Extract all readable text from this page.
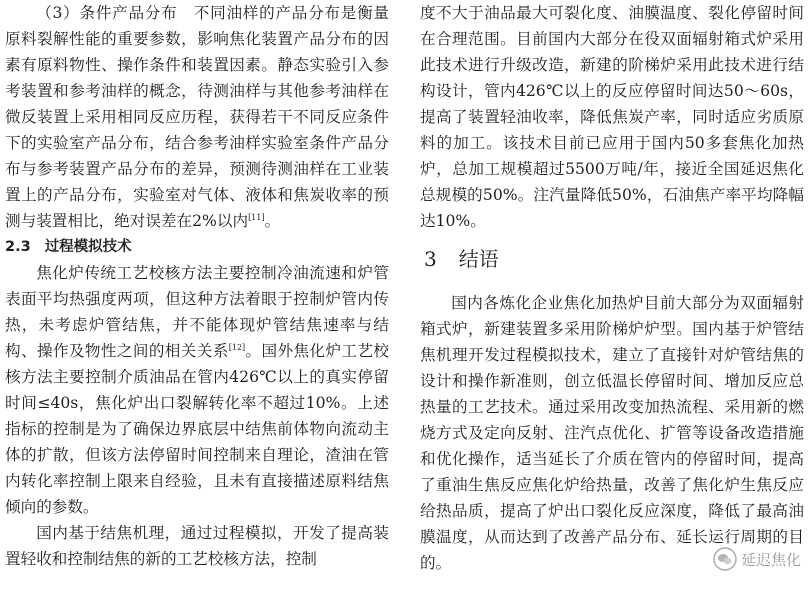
（3）条件产品分布　不同油样的产品分布是衡量原料裂解性能的重要参数，影响焦化装置产品分布的因素有原料物性、操作条件和装置因素。静态实验引入参考装置和参考油样的概念，待测油样与其他参考油样在微反装置上采用相同反应历程，获得若干不同反应条件下的实验室产品分布，结合参考油样实验室条件产品分布与参考装置产品分布的差异，预测待测油样在工业装置上的产品分布，实验室对气体、液体和焦炭收率的预测与装置相比，绝对误差在2%以内[11]。

2.3 过程模拟技术

焦化炉传统工艺校核方法主要控制冷油流速和炉管表面平均热强度两项，但这种方法着眼于控制炉管内传热，未考虑炉管结焦，并不能体现炉管结焦速率与结构、操作及物性之间的相关关系[12]。国外焦化炉工艺校核方法主要控制介质油品在管内426℃以上的真实停留时间≤40s，焦化炉出口裂解转化率不超过10%。上述指标的控制是为了确保边界底层中结焦前体物向流动主体的扩散，但该方法停留时间控制来自理论，渣油在管内转化率控制上限来自经验，且未有直接描述原料结焦倾向的参数。

国内基于结焦机理，通过过程模拟，开发了提高装置轻收和控制结焦的新的工艺校核方法，控制

度不大于油品最大可裂化度、油膜温度、裂化停留时间在合理范围。目前国内大部分在役双面辐射箱式炉采用此技术进行升级改造，新建的阶梯炉采用此技术进行结构设计，管内426℃以上的反应停留时间达50～60s，提高了装置轻油收率，降低焦炭产率，同时适应劣质原料的加工。该技术目前已应用于国内50多套焦化加热炉，总加工规模超过5500万吨/年，接近全国延迟焦化总规模的50%。注汽量降低50%，石油焦产率平均降幅达10%。

3 结语

国内各炼化企业焦化加热炉目前大部分为双面辐射箱式炉，新建装置多采用阶梯炉炉型。国内基于炉管结焦机理开发过程模拟技术，建立了直接针对炉管结焦的设计和操作新准则，创立低温长停留时间、增加反应总热量的工艺技术。通过采用改变加热流程、采用新的燃烧方式及定向反射、注汽点优化、扩管等设备改造措施和优化操作，适当延长了介质在管内的停留时间，提高了重油生焦反应焦化炉给热量，改善了焦化炉生焦反应给热品质，提高了炉出口裂化反应深度，降低了最高油膜温度，从而达到了改善产品分布、延长运行周期的目的。	延迟焦化
